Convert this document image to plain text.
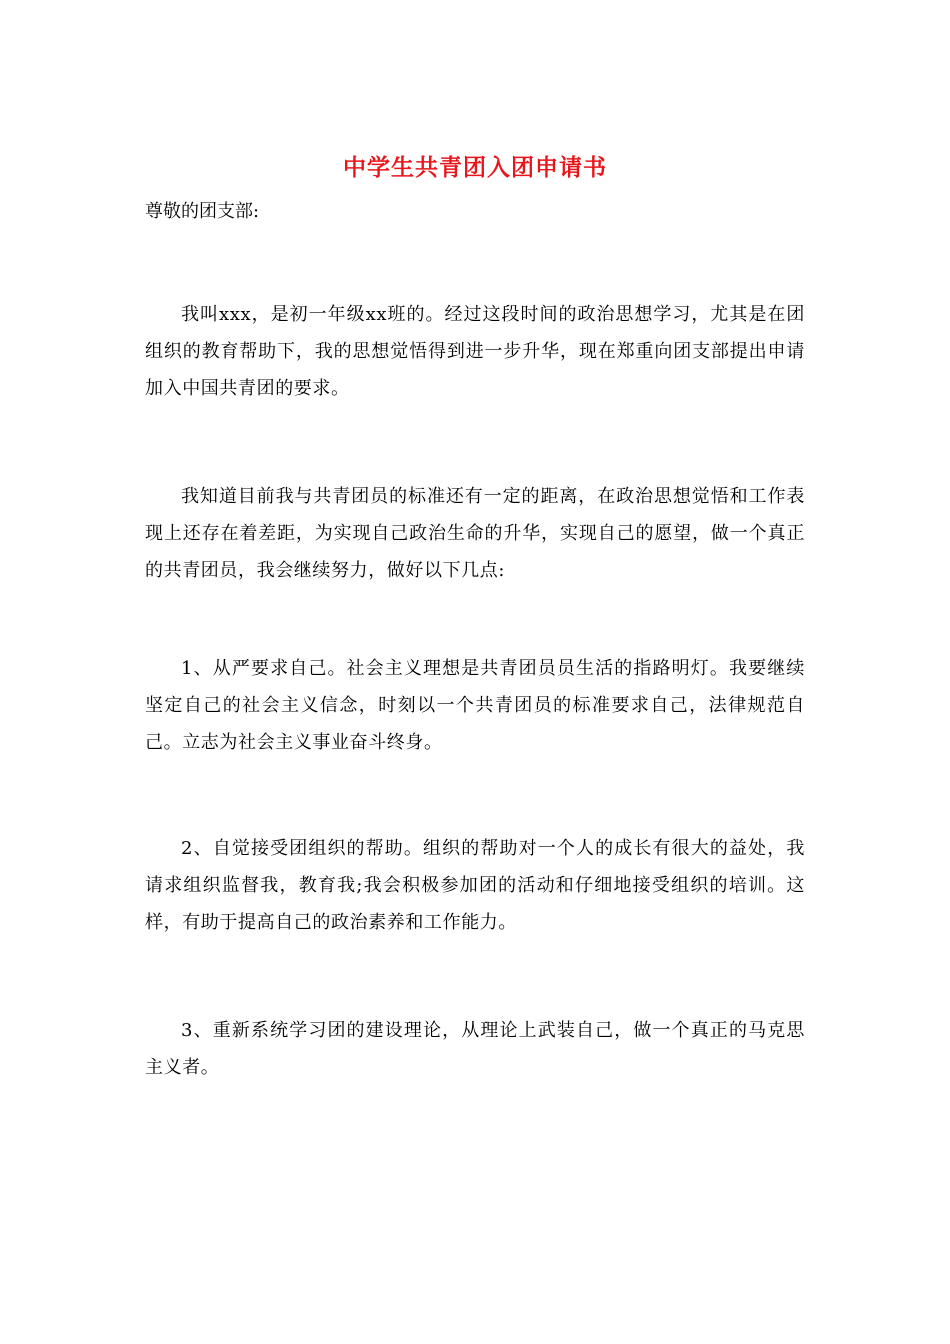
中学生共青团入团申请书

尊敬的团支部:

我叫xxx，是初一年级xx班的。经过这段时间的政治思想学习，尤其是在团组织的教育帮助下，我的思想觉悟得到进一步升华，现在郑重向团支部提出申请加入中国共青团的要求。

我知道目前我与共青团员的标准还有一定的距离，在政治思想觉悟和工作表现上还存在着差距，为实现自己政治生命的升华，实现自己的愿望，做一个真正的共青团员，我会继续努力，做好以下几点:

1、从严要求自己。社会主义理想是共青团员员生活的指路明灯。我要继续坚定自己的社会主义信念，时刻以一个共青团员的标准要求自己，法律规范自己。立志为社会主义事业奋斗终身。

2、自觉接受团组织的帮助。组织的帮助对一个人的成长有很大的益处，我请求组织监督我，教育我;我会积极参加团的活动和仔细地接受组织的培训。这样，有助于提高自己的政治素养和工作能力。

3、重新系统学习团的建设理论，从理论上武装自己，做一个真正的马克思主义者。
